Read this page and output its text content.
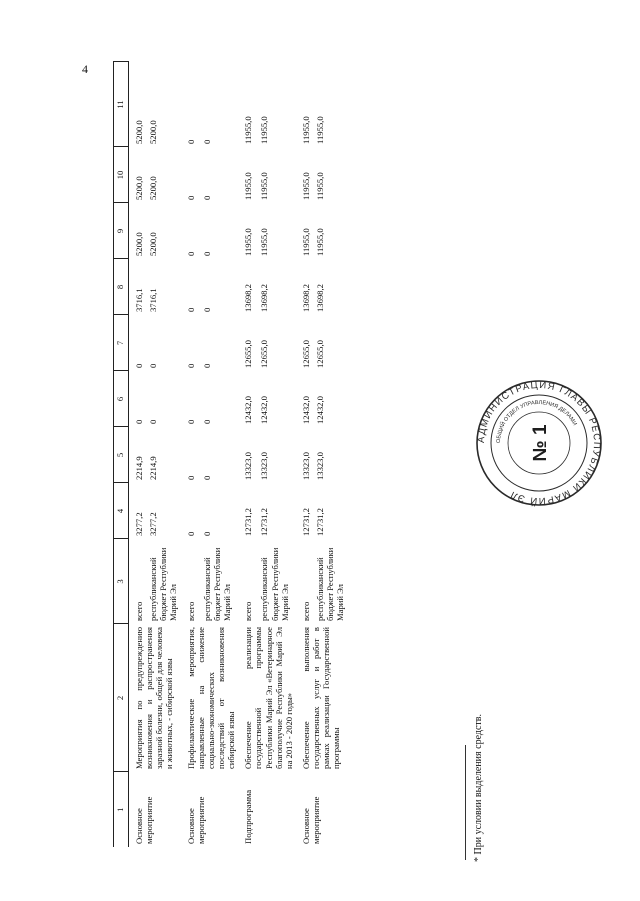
4
1	2	3	4	5	6	7	8	9	10	11
Основное мероприятие	Мероприятия по предупреждению возникновения и распространения заразной болезни, общей для человека и животных, - сибирской язвы	всего	3277,2	2214,9	0	0	3716,1	5200,0	5200,0	5200,0
		республиканский бюджет Республики Марий Эл	3277,2	2214,9	0	0	3716,1	5200,0	5200,0	5200,0
Основное мероприятие	Профилактические мероприятия, направленные на снижение социально-экономических последствий от возникновения сибирской язвы	всего	0	0	0	0	0	0	0	0
		республиканский бюджет Республики Марий Эл	0	0	0	0	0	0	0	0
Подпрограмма	Обеспечение реализации государственной программы Республики Марий Эл «Ветеринарное благополучие Республики Марий Эл на 2013 - 2020 годы»	всего	12731,2	13323,0	12432,0	12655,0	13698,2	11955,0	11955,0	11955,0
		республиканский бюджет Республики Марий Эл	12731,2	13323,0	12432,0	12655,0	13698,2	11955,0	11955,0	11955,0
Основное мероприятие	Обеспечение выполнения государственных услуг и работ в рамках реализации Государственной программы	всего	12731,2	13323,0	12432,0	12655,0	13698,2	11955,0	11955,0	11955,0
		республиканский бюджет Республики Марий Эл	12731,2	13323,0	12432,0	12655,0	13698,2	11955,0	11955,0	11955,0
* При условии выделения средств.
АДМИНИСТРАЦИЯ ГЛАВЫ РЕСПУБЛИКИ МАРИЙ ЭЛ
ОБЩИЙ ОТДЕЛ УПРАВЛЕНИЯ ДЕЛАМИ
№ 1
